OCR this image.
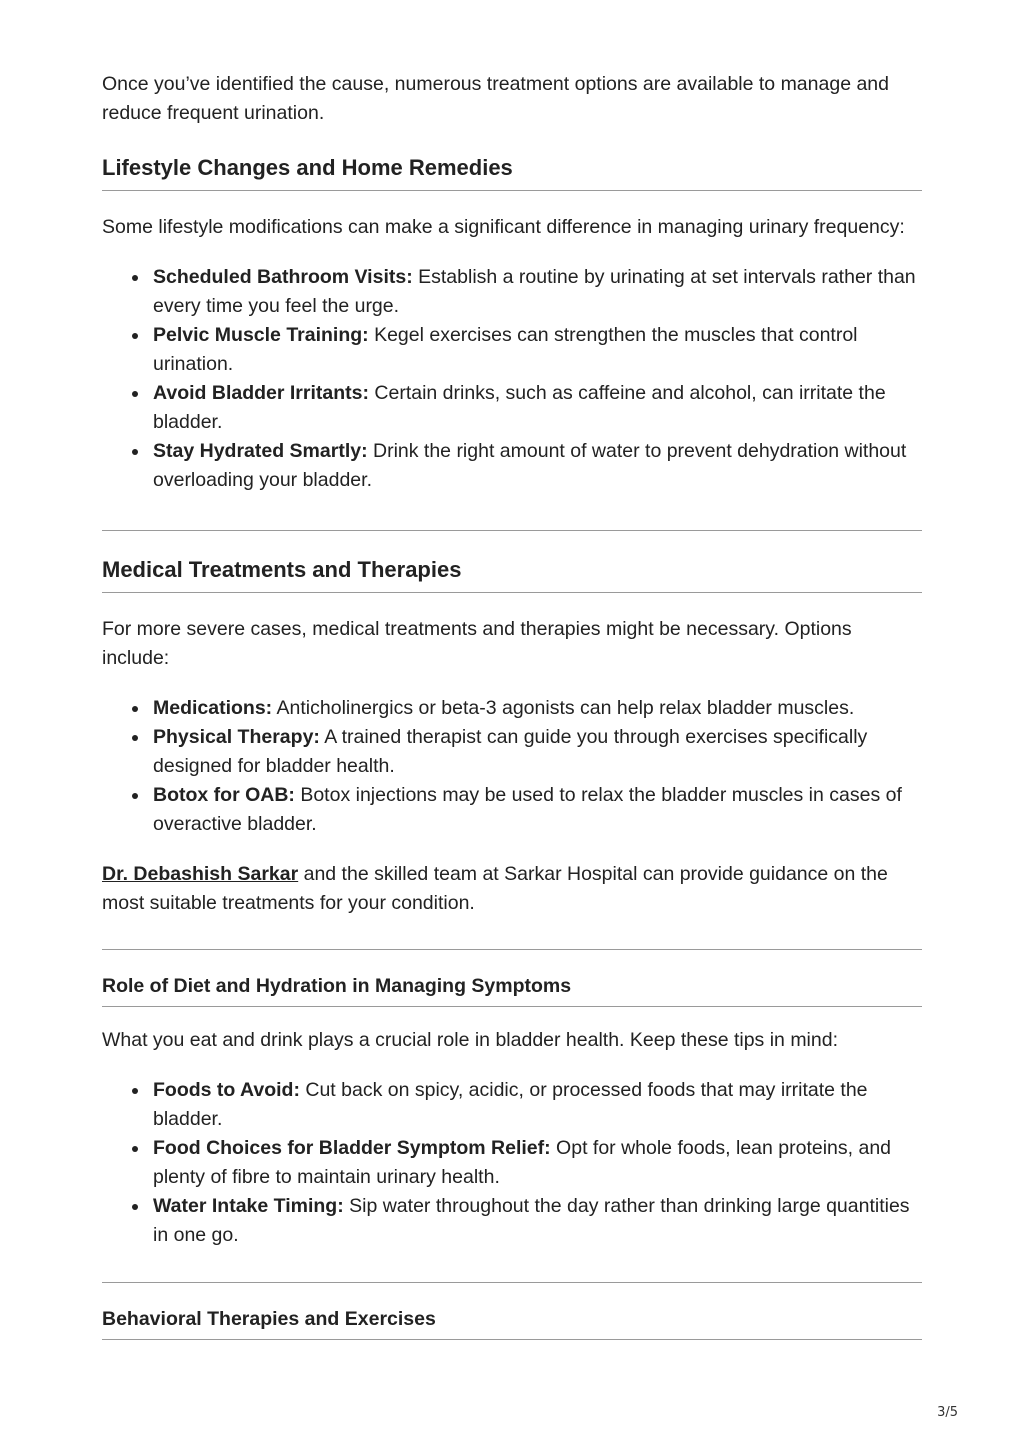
Once you’ve identified the cause, numerous treatment options are available to manage and reduce frequent urination.

Lifestyle Changes and Home Remedies

Some lifestyle modifications can make a significant difference in managing urinary frequency:

Scheduled Bathroom Visits: Establish a routine by urinating at set intervals rather than every time you feel the urge.
Pelvic Muscle Training: Kegel exercises can strengthen the muscles that control urination.
Avoid Bladder Irritants: Certain drinks, such as caffeine and alcohol, can irritate the bladder.
Stay Hydrated Smartly: Drink the right amount of water to prevent dehydration without overloading your bladder.
Medical Treatments and Therapies

For more severe cases, medical treatments and therapies might be necessary. Options include:

Medications: Anticholinergics or beta-3 agonists can help relax bladder muscles.
Physical Therapy: A trained therapist can guide you through exercises specifically designed for bladder health.
Botox for OAB: Botox injections may be used to relax the bladder muscles in cases of overactive bladder.

Dr. Debashish Sarkar and the skilled team at Sarkar Hospital can provide guidance on the most suitable treatments for your condition.

Role of Diet and Hydration in Managing Symptoms

What you eat and drink plays a crucial role in bladder health. Keep these tips in mind:

Foods to Avoid: Cut back on spicy, acidic, or processed foods that may irritate the bladder.
Food Choices for Bladder Symptom Relief: Opt for whole foods, lean proteins, and plenty of fibre to maintain urinary health.
Water Intake Timing: Sip water throughout the day rather than drinking large quantities in one go.
Behavioral Therapies and Exercises
3/5
